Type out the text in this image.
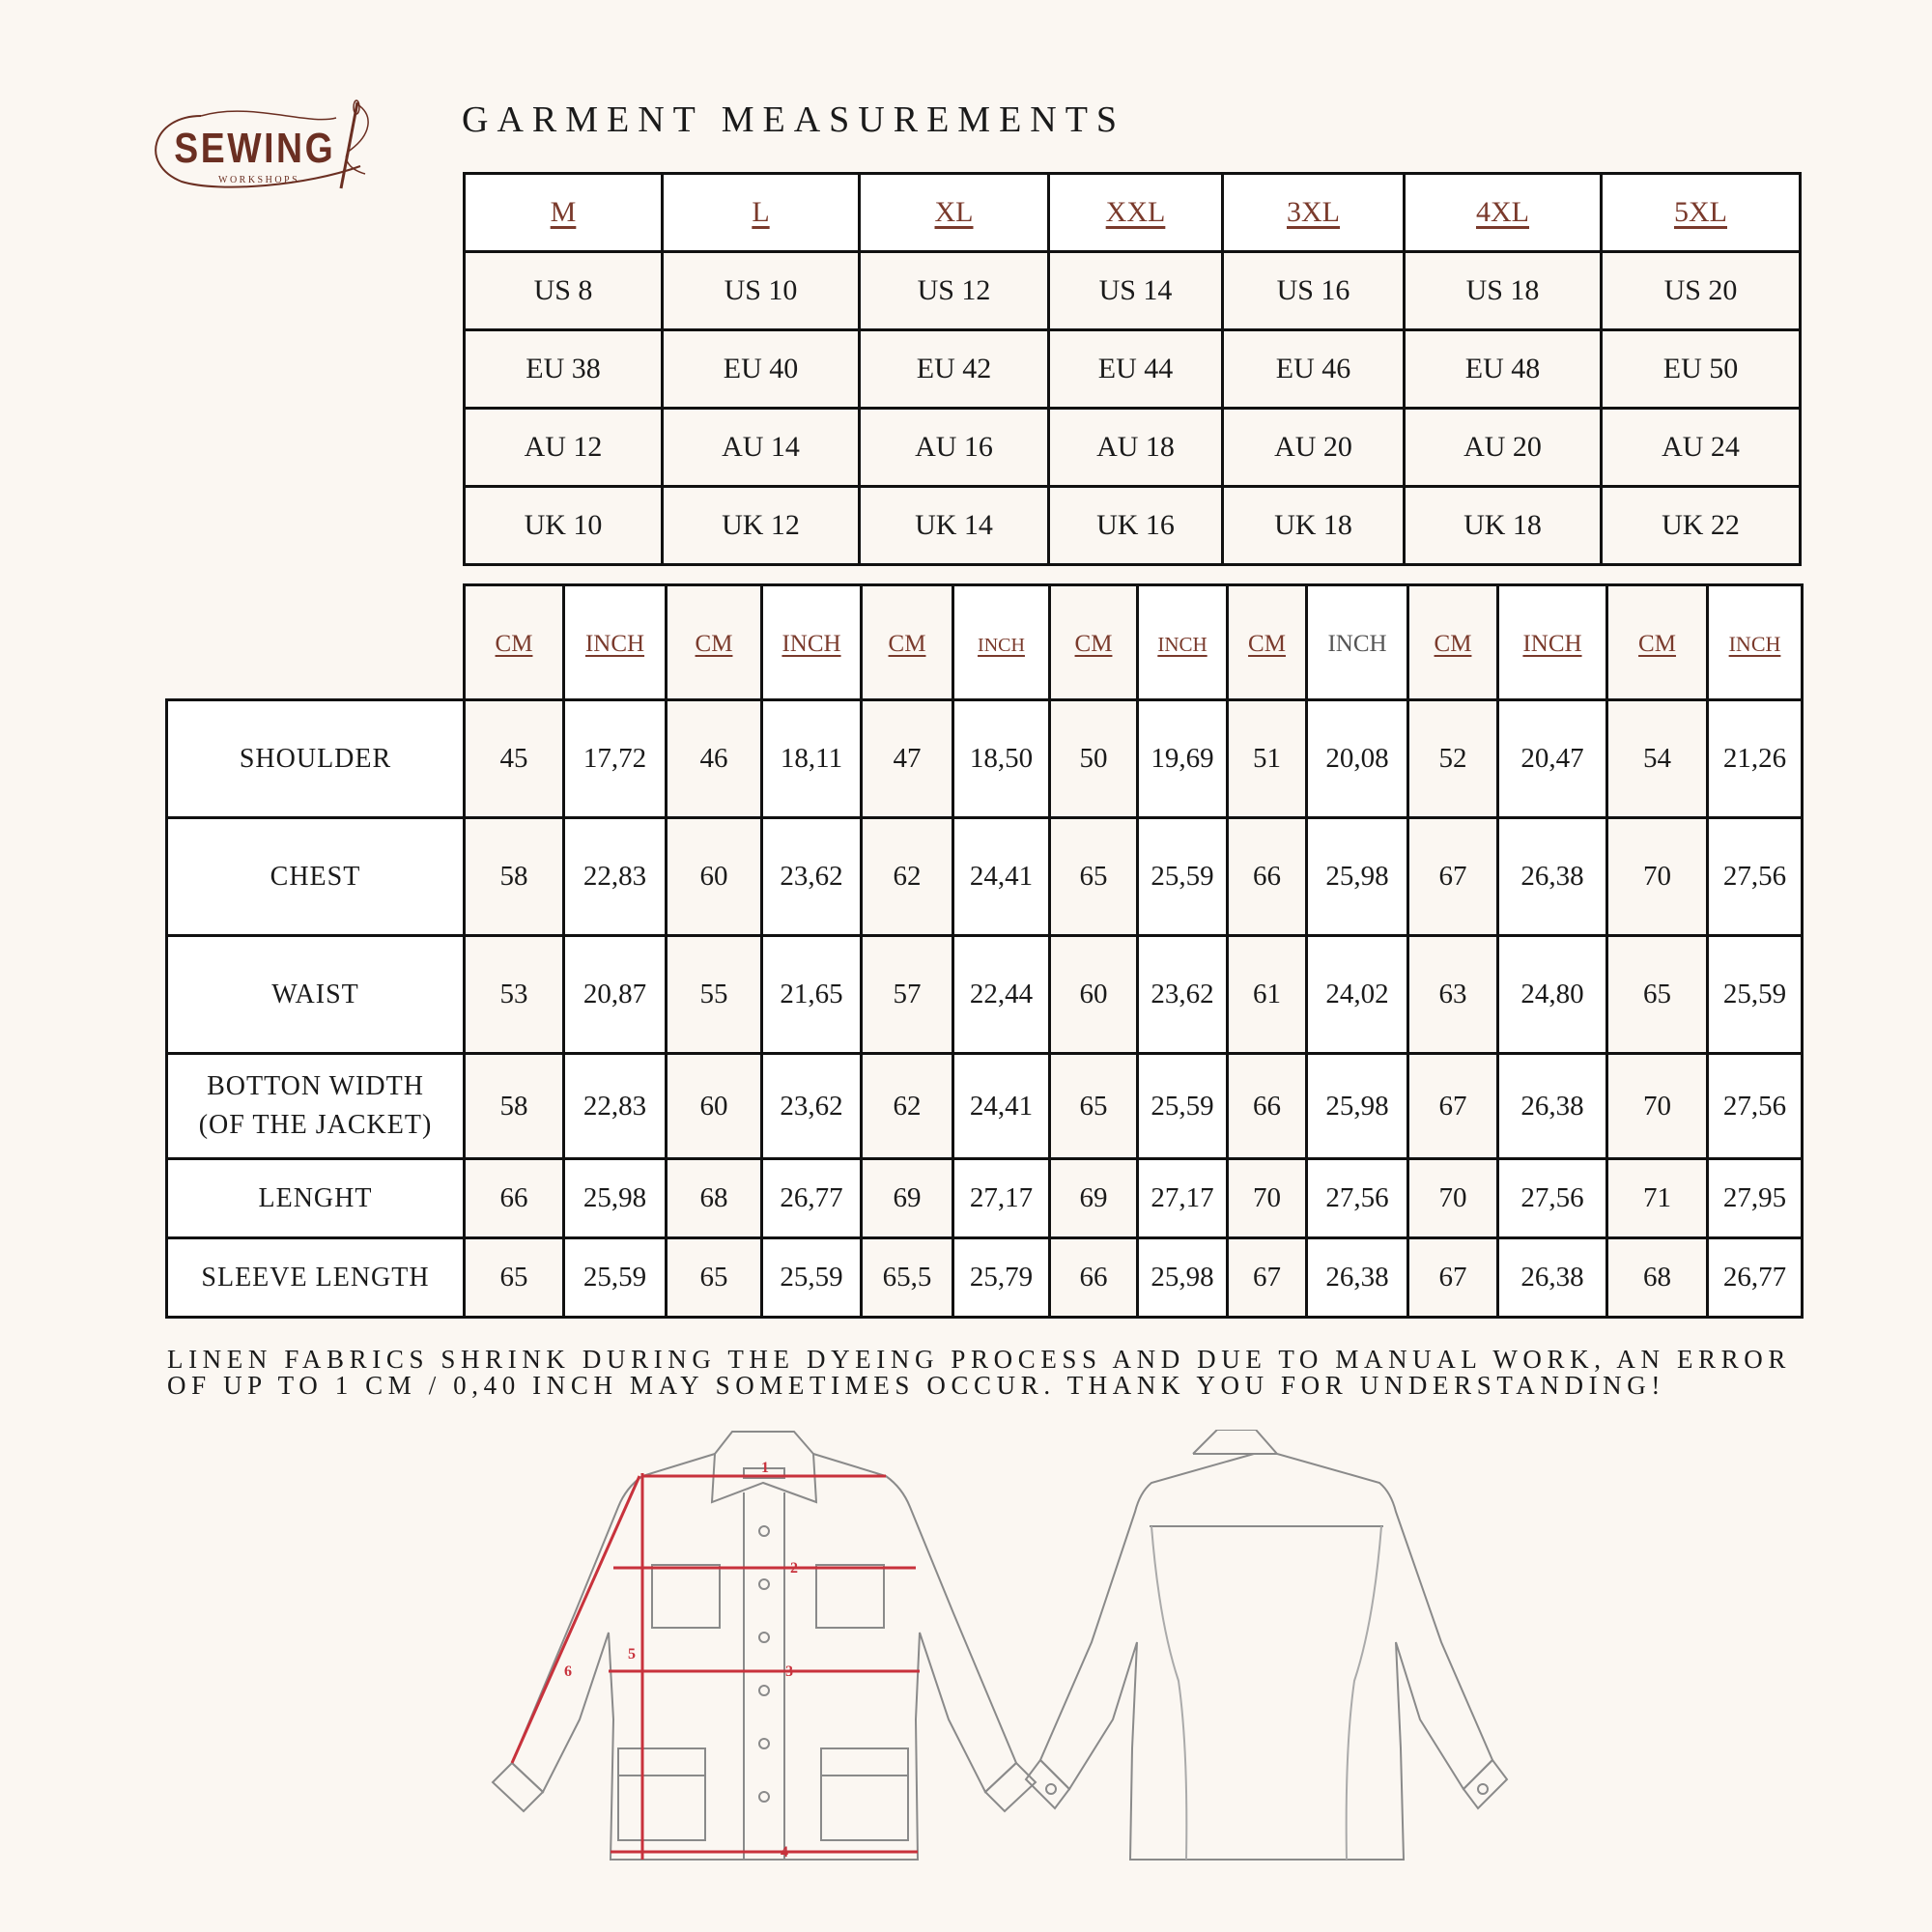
SEWING
WORKSHOPS
GARMENT MEASUREMENTS
M	L	XL	XXL	3XL	4XL	5XL
US 8	US 10	US 12	US 14	US 16	US 18	US 20
EU 38	EU 40	EU 42	EU 44	EU 46	EU 48	EU 50
AU 12	AU 14	AU 16	AU 18	AU 20	AU 20	AU 24
UK 10	UK 12	UK 14	UK 16	UK 18	UK 18	UK 22
	CM	INCH	CM	INCH	CM	INCH	CM	INCH	CM	INCH	CM	INCH	CM	INCH
SHOULDER	45	17,72	46	18,11	47	18,50	50	19,69	51	20,08	52	20,47	54	21,26
CHEST	58	22,83	60	23,62	62	24,41	65	25,59	66	25,98	67	26,38	70	27,56
WAIST	53	20,87	55	21,65	57	22,44	60	23,62	61	24,02	63	24,80	65	25,59

BOTTON WIDTH
(OF THE JACKET)	58	22,83	60	23,62	62	24,41	65	25,59	66	25,98	67	26,38	70	27,56
LENGHT	66	25,98	68	26,77	69	27,17	69	27,17	70	27,56	70	27,56	71	27,95
SLEEVE LENGTH	65	25,59	65	25,59	65,5	25,79	66	25,98	67	26,38	67	26,38	68	26,77
LINEN FABRICS SHRINK DURING THE DYEING PROCESS AND DUE TO MANUAL WORK, AN ERROR OF UP TO 1 CM / 0,40 INCH MAY SOMETIMES OCCUR. THANK YOU FOR UNDERSTANDING!
1
2
3
4
5
6
